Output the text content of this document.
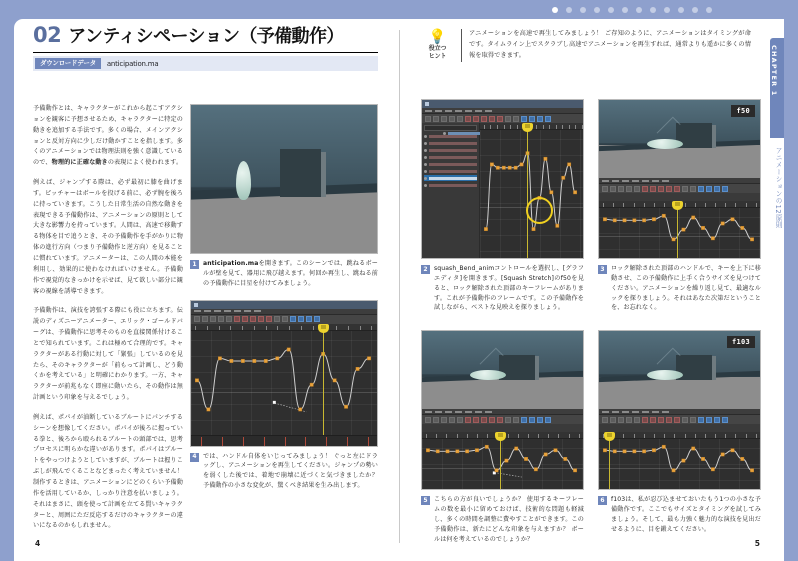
02 アンティシペーション（予備動作）
ダウンロードデータ	anticipation.ma

予備動作とは、キャラクターがこれから起こすアクションを観客に予想させるため、キャラクターに特定の動きを追加する手法です。多くの場合、メインアクションと反対方向に少しだけ動かすことを指します。多くのアニメーションでは物理法則を強く意識しているので、物理的に正確な動きの表現によく使われます。

例えば、ジャンプする際は、必ず最初に膝を曲げます。ピッチャーはボールを投げる前に、必ず腕を後ろに持っていきます。こうした日常生活の自然な動きを表現できる予備動作は、アニメーションの原則として大きな影響力を持っています。人間は、高速で移動する物体を目で追うとき、その予備動作を手がかりに物体の進行方向（つまり予備動作と逆方向）を見ることに慣れています。アニメーターは、この人間の本能を利用し、効果的に使わなければいけません。予備動作で視覚的なきっかけを示せば、見て欲しい部分に観客の視線を誘導できます。

予備動作は、演技を誇張する際にも役に立ちます。伝説のディズニーアニメーター、エリック・ゴールドバーグは、予備動作に思考そのものを直接関係付けることで知られています。これは極めて合理的です。キャラクターがある行動に対して「緊張」しているのを見たら、そのキャラクターが「前もって計画し、どう動くかを考えている」と明確にわかります。一方、キャラクターが前兆もなく即座に動いたら、その動作は無計画という印象を与えるでしょう。

例えば、ポパイが油断しているブルートにパンチするシーンを想像してください。ポパイが後ろに握っている拳と、後ろから殴られるブルートの頭部では、思考プロセスに明らかな違いがあります。ポパイはブルートをやっつけようとしていますが、ブルートは握りこぶしが飛んでくることなどまったく考えていません！ 制作するときは、アニメーションにどのくらい予備動作を活用しているか、しっかり注意を払いましょう。それはまさに、頭を使って計画を立てる賢いキャラクターと、周囲にただ反応するだけのキャラクターの違いになるのかもしれません。

1	anticipation.maを開きます。このシーンでは、跳ねるボールが壁を見て、器用に飛び越えます。何回か再生し、跳ねる前の予備動作に目星を付けてみましょう。
4	では、ハンドル自体をいじってみましょう！ ぐっと左にドラッグし、アニメーションを再生してください。ジャンプの勢いを弱くした後では、着地で崩壊に近づくと気づきましたか？ 予備動作の小さな変化が、驚くべき結果を生み出します。
4
💡
役立つ
ヒント
アニメーションを高速で再生してみましょう！ ご存知のように、アニメーションはタイミングが命です。タイムライン上でスクラブし高速でアニメーションを再生すれば、通常よりも遥かに多くの情報を取得できます。
2	squash_Bend_animコントロールを選択し、[グラフエディタ]を開きます。[Squash Stretch]のf50を見ると、ロック解除された頂部のキーフレームがあります。これが予備動作のフレームです。この予備動作を試しながら、ベストな見映えを探りましょう。
f50
3	ロック解除された頂部のハンドルで、キーを上下に移動させ、この予備動作に上手く合うサイズを見つけてください。アニメーションを繰り返し見て、最適なルックを探りましょう。それはあなた次第だということを、お忘れなく。
5	こちらの方が良いでしょうか？ 使用するキーフレームの数を最小に留めておけば、技術的な問題も軽減し、多くの時間を調整に費やすことができます。この予備動作は、新たにどんな印象を与えますか？ ボールは何を考えているのでしょうか？
f103
6	f103は、私が忍び込ませておいたもう1つの小さな予備動作です。ここでもサイズとタイミングを試してみましょう。そして、最も力強く魅力的な演技を見出だせるように、目を鍛えてください。
CHAPTER 1
アニメーションの12原則
5
